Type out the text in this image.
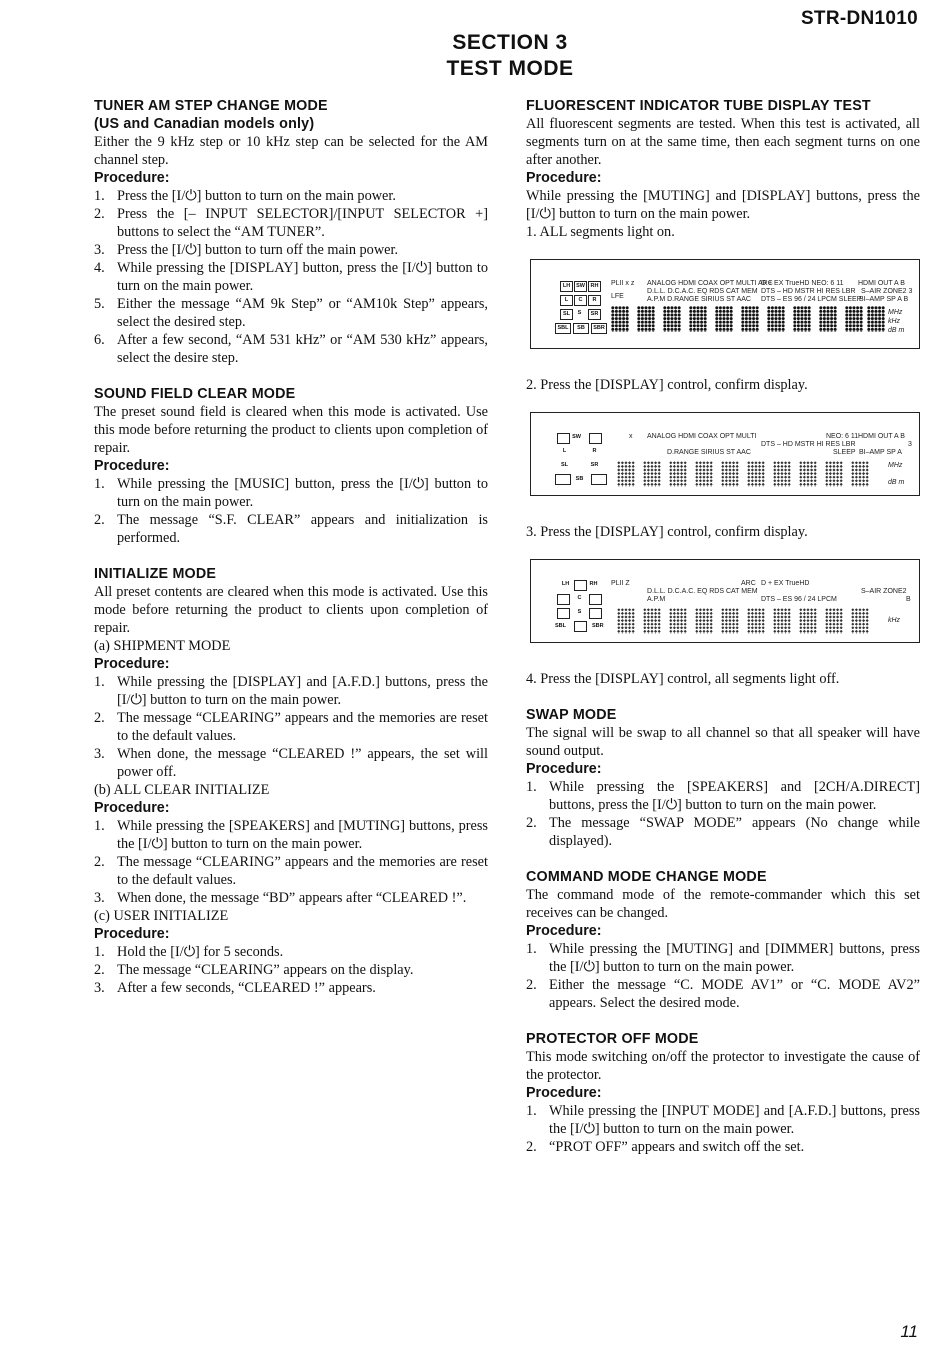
STR-DN1010
SECTION 3
TEST MODE
TUNER AM STEP CHANGE MODE
(US and Canadian models only)

Either the 9 kHz step or 10 kHz step can be selected for the AM channel step.

Procedure:
1. Press the [I/⏻] button to turn on the main power.
2. Press the [– INPUT SELECTOR]/[INPUT SELECTOR +] buttons to select the “AM TUNER”.
3. Press the [I/⏻] button to turn off the main power.
4. While pressing the [DISPLAY] button, press the [I/⏻] button to turn on the main power.
5. Either the message “AM 9k Step” or “AM10k Step” appears, select the desired step.
6. After a few second, “AM 531 kHz” or “AM 530 kHz” appears, select the desire step.
SOUND FIELD CLEAR MODE

The preset sound field is cleared when this mode is activated. Use this mode before returning the product to clients upon completion of repair.

Procedure:
1. While pressing the [MUSIC] button, press the [I/⏻] button to turn on the main power.
2. The message “S.F. CLEAR” appears and initialization is performed.
INITIALIZE MODE

All preset contents are cleared when this mode is activated. Use this mode before returning the product to clients upon completion of repair.

(a) SHIPMENT MODE
Procedure:
1. While pressing the [DISPLAY] and [A.F.D.] buttons, press the [I/⏻] button to turn on the main power.
2. The message “CLEARING” appears and the memories are reset to the default values.
3. When done, the message “CLEARED !” appears, the set will power off.
(b) ALL CLEAR INITIALIZE
Procedure:
1. While pressing the [SPEAKERS] and [MUTING] buttons, press the [I/⏻] button to turn on the main power.
2. The message “CLEARING” appears and the memories are reset to the default values.
3. When done, the message “BD” appears after “CLEARED !”.
(c) USER INITIALIZE
Procedure:
1. Hold the [I/⏻] for 5 seconds.
2. The message “CLEARING” appears on the display.
3. After a few seconds, “CLEARED !” appears.
FLUORESCENT INDICATOR TUBE DISPLAY TEST

All fluorescent segments are tested. When this test is activated, all segments turn on at the same time, then each segment turns on one after another.

Procedure:

While pressing the [MUTING] and [DISPLAY] buttons, press the [I/⏻] button to turn on the main power.

1. ALL segments light on.
LH	SW	RH
L	C	R
SL	S	SR
SBL	SB	SBR
PLII x z
LFE
ANALOG HDMI COAX OPT MULTI ARC
D.L.L. D.C.A.C. EQ RDS CAT MEM
A.P.M D.RANGE SIRIUS ST AAC
D + EX TrueHD NEO: 6 11
DTS – HD MSTR HI RES LBR
DTS – ES 96 / 24 LPCM SLEEP
HDMI OUT A B
S–AIR ZONE2 3
BI–AMP SP A B
MHz
kHz
dB m
2. Press the [DISPLAY] control, confirm display.
SW
L	R
SL	SR
SB
x ANALOG HDMI COAX OPT MULTI
D.RANGE SIRIUS ST AAC
NEO: 6 11
DTS – HD MSTR HI RES LBR
SLEEP
HDMI OUT A B
3
BI–AMP SP A
MHz
dB m
3. Press the [DISPLAY] control, confirm display.
LH	RH
C
S
SBL	SBR
PLII Z	ARC
D.L.L. D.C.A.C. EQ RDS CAT MEM
A.P.M
D + EX TrueHD
DTS – ES 96 / 24 LPCM
S–AIR ZONE2
B
kHz
4. Press the [DISPLAY] control, all segments light off.
SWAP MODE

The signal will be swap to all channel so that all speaker will have sound output.

Procedure:
1. While pressing the [SPEAKERS] and [2CH/A.DIRECT] buttons, press the [I/⏻] button to turn on the main power.
2. The message “SWAP MODE” appears (No change while displayed).
COMMAND MODE CHANGE MODE

The command mode of the remote-commander which this set receives can be changed.

Procedure:
1. While pressing the [MUTING] and [DIMMER] buttons, press the [I/⏻] button to turn on the main power.
2. Either the message “C. MODE AV1” or “C. MODE AV2” appears. Select the desired mode.
PROTECTOR OFF MODE

This mode switching on/off the protector to investigate the cause of the protector.

Procedure:
1. While pressing the [INPUT MODE] and [A.F.D.] buttons, press the [I/⏻] button to turn on the main power.
2. “PROT OFF” appears and switch off the set.
11
